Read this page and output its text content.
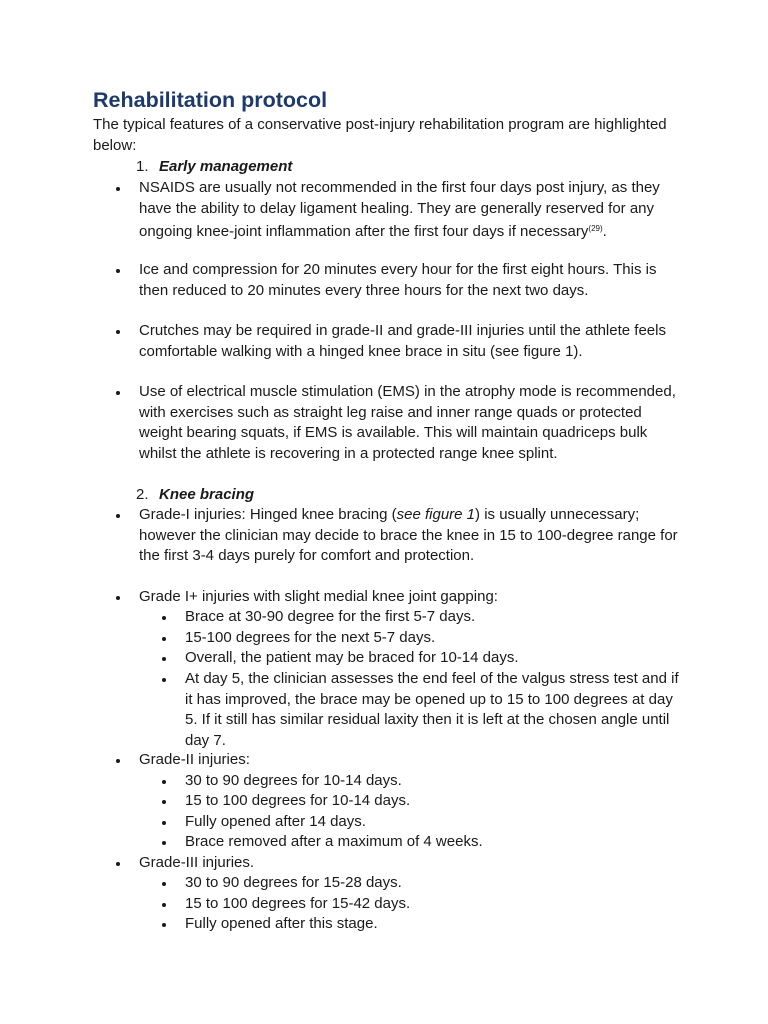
Rehabilitation protocol

The typical features of a conservative post-injury rehabilitation program are highlighted below:

1. Early management
NSAIDS are usually not recommended in the first four days post injury, as they have the ability to delay ligament healing. They are generally reserved for any ongoing knee-joint inflammation after the first four days if necessary$^{(29)}$.
Ice and compression for 20 minutes every hour for the first eight hours. This is then reduced to 20 minutes every three hours for the next two days.
Crutches may be required in grade-II and grade-III injuries until the athlete feels comfortable walking with a hinged knee brace in situ (see figure 1).
Use of electrical muscle stimulation (EMS) in the atrophy mode is recommended, with exercises such as straight leg raise and inner range quads or protected weight bearing squats, if EMS is available. This will maintain quadriceps bulk whilst the athlete is recovering in a protected range knee splint.
2. Knee bracing
Grade-I injuries: Hinged knee bracing (see figure 1) is usually unnecessary; however the clinician may decide to brace the knee in 15 to 100-degree range for the first 3-4 days purely for comfort and protection.
Grade I+ injuries with slight medial knee joint gapping:
Brace at 30-90 degree for the first 5-7 days.
15-100 degrees for the next 5-7 days.
Overall, the patient may be braced for 10-14 days.
At day 5, the clinician assesses the end feel of the valgus stress test and if it has improved, the brace may be opened up to 15 to 100 degrees at day 5. If it still has similar residual laxity then it is left at the chosen angle until day 7.
Grade-II injuries:
30 to 90 degrees for 10-14 days.
15 to 100 degrees for 10-14 days.
Fully opened after 14 days.
Brace removed after a maximum of 4 weeks.
Grade-III injuries.
30 to 90 degrees for 15-28 days.
15 to 100 degrees for 15-42 days.
Fully opened after this stage.
